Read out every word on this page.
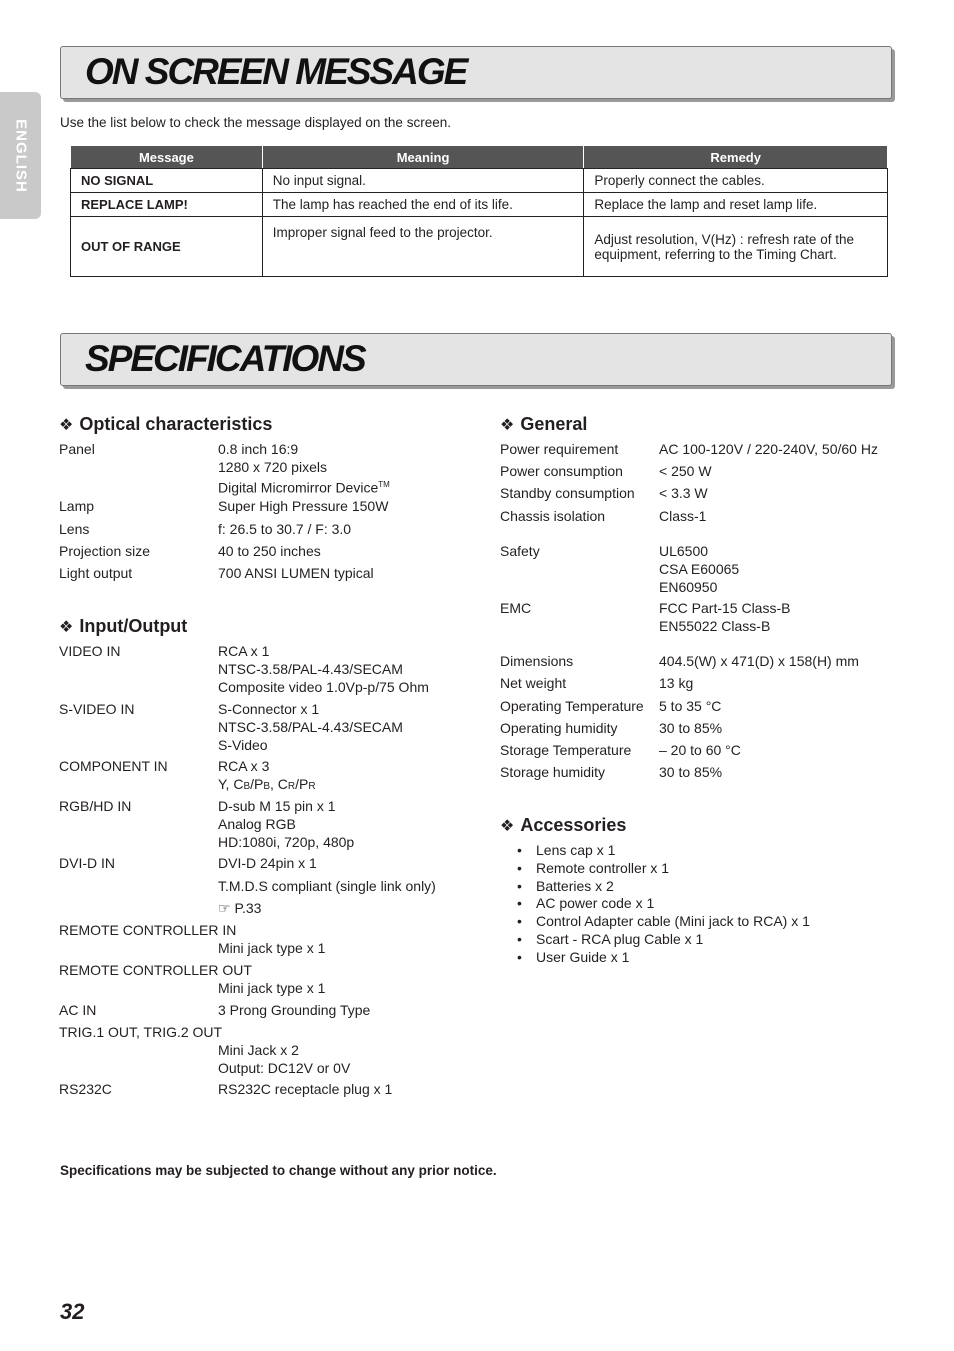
ENGLISH
ON SCREEN MESSAGE
Use the list below to check the message displayed on the screen.
Message	Meaning	Remedy
NO SIGNAL	No input signal.	Properly connect the cables.
REPLACE LAMP!	The lamp has reached the end of its life.	Replace the lamp and reset lamp life.
OUT OF RANGE	Improper signal feed to the projector.	Adjust resolution, V(Hz) : refresh rate of the equipment, referring to the Timing Chart.
SPECIFICATIONS
❖ Optical characteristics
Panel	0.8 inch 16:9
1280 x 720 pixels
Digital Micromirror Device™
Lamp	Super High Pressure 150W
Lens	f: 26.5 to 30.7 / F: 3.0
Projection size	40 to 250 inches
Light output	700 ANSI LUMEN typical
❖ Input/Output
VIDEO IN	RCA x 1
NTSC-3.58/PAL-4.43/SECAM
Composite video 1.0Vp-p/75 Ohm
S-VIDEO IN	S-Connector x 1
NTSC-3.58/PAL-4.43/SECAM
S-Video
COMPONENT IN	RCA x 3
Y, CB/PB, CR/PR
RGB/HD IN	D-sub M 15 pin x 1
Analog RGB
HD:1080i, 720p, 480p
DVI-D IN	DVI-D 24pin x 1
T.M.D.S compliant (single link only)
☞ P.33
REMOTE CONTROLLER IN
Mini jack type x 1
REMOTE CONTROLLER OUT
Mini jack type x 1
AC IN	3 Prong Grounding Type
TRIG.1 OUT, TRIG.2 OUT
Mini Jack x 2
Output: DC12V or 0V
RS232C	RS232C receptacle plug x 1
❖ General
Power requirement	AC 100-120V / 220-240V, 50/60 Hz
Power consumption	< 250 W
Standby consumption < 3.3 W
Chassis isolation	Class-1
Safety	UL6500
CSA E60065
EN60950
EMC	FCC Part-15 Class-B
EN55022 Class-B
Dimensions	404.5(W) x 471(D) x 158(H) mm
Net weight	13 kg
Operating Temperature 5 to 35 °C
Operating humidity	30 to 85%
Storage Temperature – 20 to 60 °C
Storage humidity	30 to 85%
❖ Accessories
• Lens cap x 1
• Remote controller x 1
• Batteries x 2
• AC power code x 1
• Control Adapter cable (Mini jack to RCA) x 1
• Scart - RCA plug Cable x 1
• User Guide x 1
Specifications may be subjected to change without any prior notice.
32
